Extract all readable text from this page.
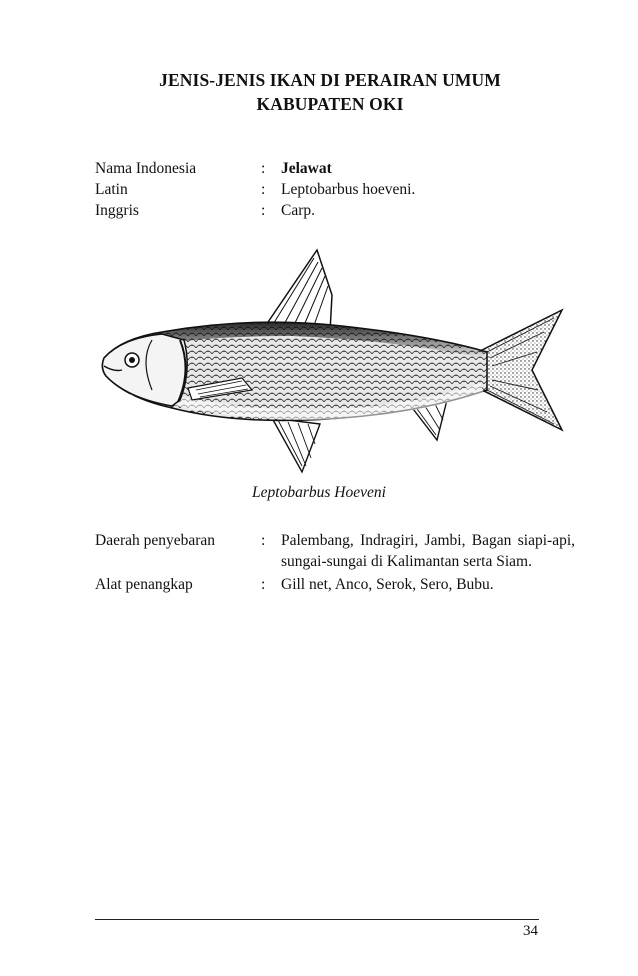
JENIS-JENIS IKAN DI PERAIRAN UMUM
KABUPATEN OKI
Nama Indonesia	:	Jelawat
Latin	:	Leptobarbus hoeveni.
Inggris	:	Carp.
Leptobarbus Hoeveni
Daerah penyebaran	:	Palembang, Indragiri, Jambi, Bagan siapi-api, sungai-sungai di Kalimantan serta Siam.
Alat penangkap	:	Gill net, Anco, Serok, Sero, Bubu.
34
